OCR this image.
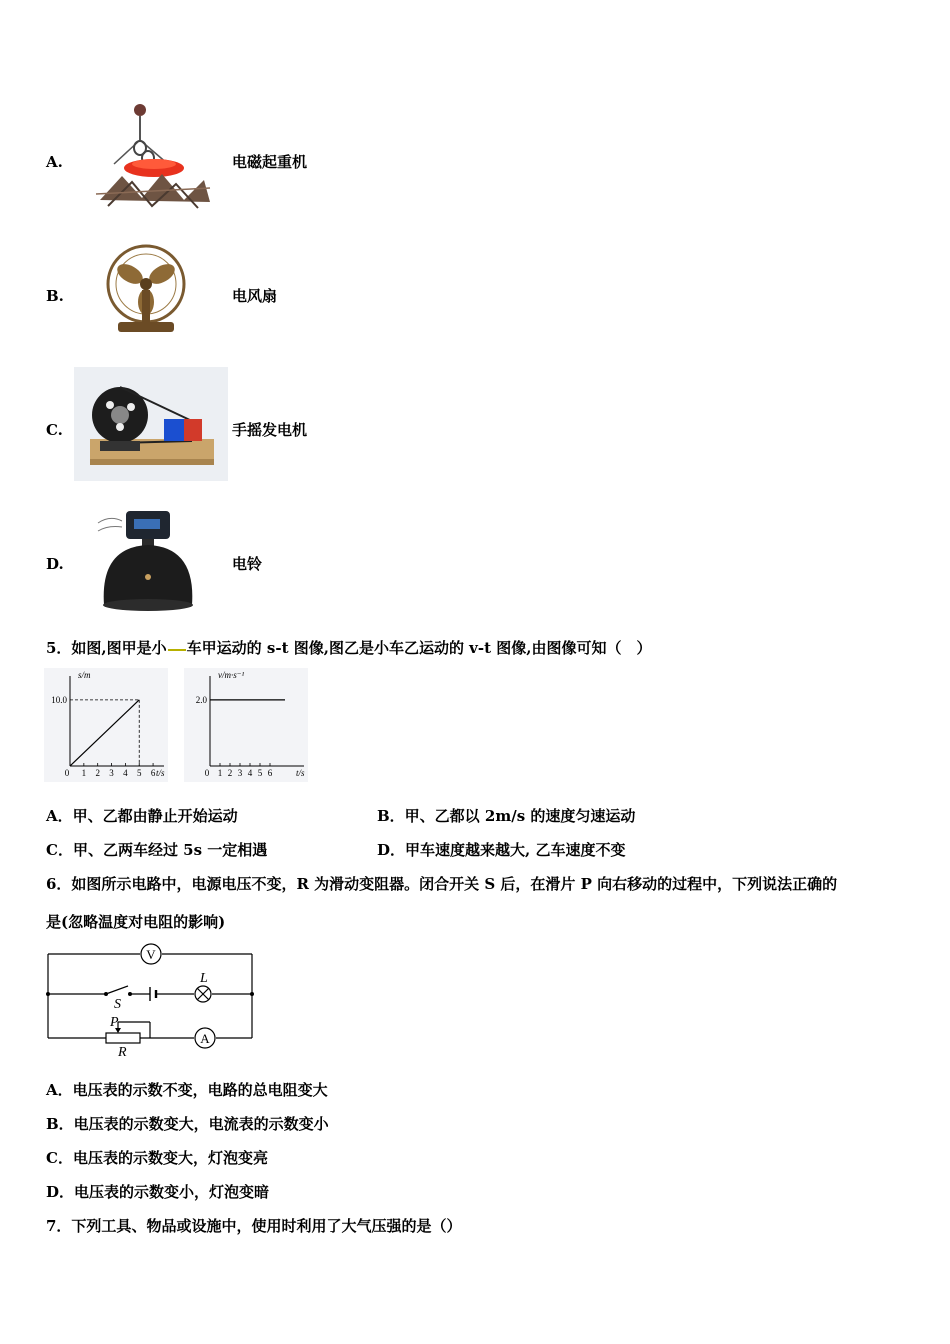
A.	电磁起重机
B.	电风扇
C.	手摇发电机
D.	电铃
5．如图,图甲是小 车甲运动的 s-t 图像,图乙是小车乙运动的 v-t 图像,由图像可知（　）
0 1 2 3 4 5 6
10.0
s/m
t/s	0 1 2 3 4 5 6
2.0
v/m·s⁻¹
t/s
A．甲、乙都由静止开始运动	B．甲、乙都以 2m/s 的速度匀速运动
C．甲、乙两车经过 5s 一定相遇	D．甲车速度越来越大, 乙车速度不变
6．如图所示电路中，电源电压不变，R 为滑动变阻器。闭合开关 S 后，在滑片 P 向右移动的过程中，下列说法正确的
是(忽略温度对电阻的影响)
V
A
S
L
P
R
A．电压表的示数不变，电路的总电阻变大
B．电压表的示数变大，电流表的示数变小
C．电压表的示数变大，灯泡变亮
D．电压表的示数变小，灯泡变暗
7．下列工具、物品或设施中，使用时利用了大气压强的是（）
